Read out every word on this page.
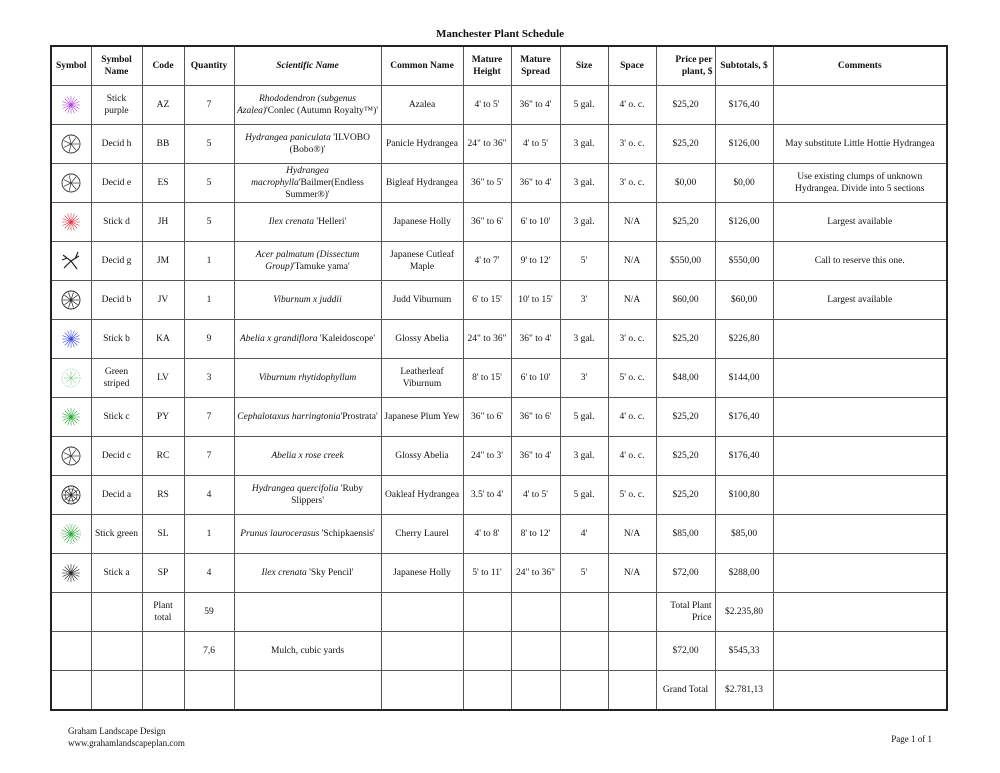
Manchester Plant Schedule
Symbol	Symbol Name	Code	Quantity	Scientific Name	Common Name	Mature Height	Mature Spread	Size	Space	Price per plant, $	Subtotals, $	Comments

	Stick purple	AZ	7	Rhododendron (subgenus Azalea)'Conlec (Autumn Royalty™)'	Azalea	4' to 5'	36" to 4'	5 gal.	4' o. c.	$25,20	$176,40	

	Decid h	BB	5	Hydrangea paniculata 'ILVOBO (Bobo®)'	Panicle Hydrangea	24" to 36"	4' to 5'	3 gal.	3' o. c.	$25,20	$126,00	May substitute Little Hottie Hydrangea

	Decid e	ES	5	Hydrangea macrophylla'Bailmer(Endless Summer®)'	Bigleaf Hydrangea	36" to 5'	36" to 4'	3 gal.	3' o. c.	$0,00	$0,00	Use existing clumps of unknown Hydrangea. Divide into 5 sections

	Stick d	JH	5	Ilex crenata 'Helleri'	Japanese Holly	36" to 6'	6' to 10'	3 gal.	N/A	$25,20	$126,00	Largest available

	Decid g	JM	1	Acer palmatum (Dissectum Group)'Tamuke yama'	Japanese Cutleaf Maple	4' to 7'	9' to 12'	5'	N/A	$550,00	$550,00	Call to reserve this one.

	Decid b	JV	1	Viburnum x juddii	Judd Viburnum	6' to 15'	10' to 15'	3'	N/A	$60,00	$60,00	Largest available

	Stick b	KA	9	Abelia x grandiflora 'Kaleidoscope'	Glossy Abelia	24" to 36"	36" to 4'	3 gal.	3' o. c.	$25,20	$226,80	

	Green striped	LV	3	Viburnum rhytidophyllum	Leatherleaf Viburnum	8' to 15'	6' to 10'	3'	5' o. c.	$48,00	$144,00	

	Stick c	PY	7	Cephalotaxus harringtonia'Prostrata'	Japanese Plum Yew	36" to 6'	36" to 6'	5 gal.	4' o. c.	$25,20	$176,40	

	Decid c	RC	7	Abelia x rose creek	Glossy Abelia	24" to 3'	36" to 4'	3 gal.	4' o. c.	$25,20	$176,40	

	Decid a	RS	4	Hydrangea quercifolia 'Ruby Slippers'	Oakleaf Hydrangea	3.5' to 4'	4' to 5'	5 gal.	5' o. c.	$25,20	$100,80	

	Stick green	SL	1	Prunus laurocerasus 'Schipkaensis'	Cherry Laurel	4' to 8'	8' to 12'	4'	N/A	$85,00	$85,00	

	Stick a	SP	4	Ilex crenata 'Sky Pencil'	Japanese Holly	5' to 11'	24" to 36"	5'	N/A	$72,00	$288,00	
		Plant total	59							Total Plant Price	$2.235,80	
			7,6	Mulch, cubic yards						$72,00	$545,33	
										Grand Total	$2.781,13	
Graham Landscape Design
www.grahamlandscapeplan.com	Page 1 of 1
